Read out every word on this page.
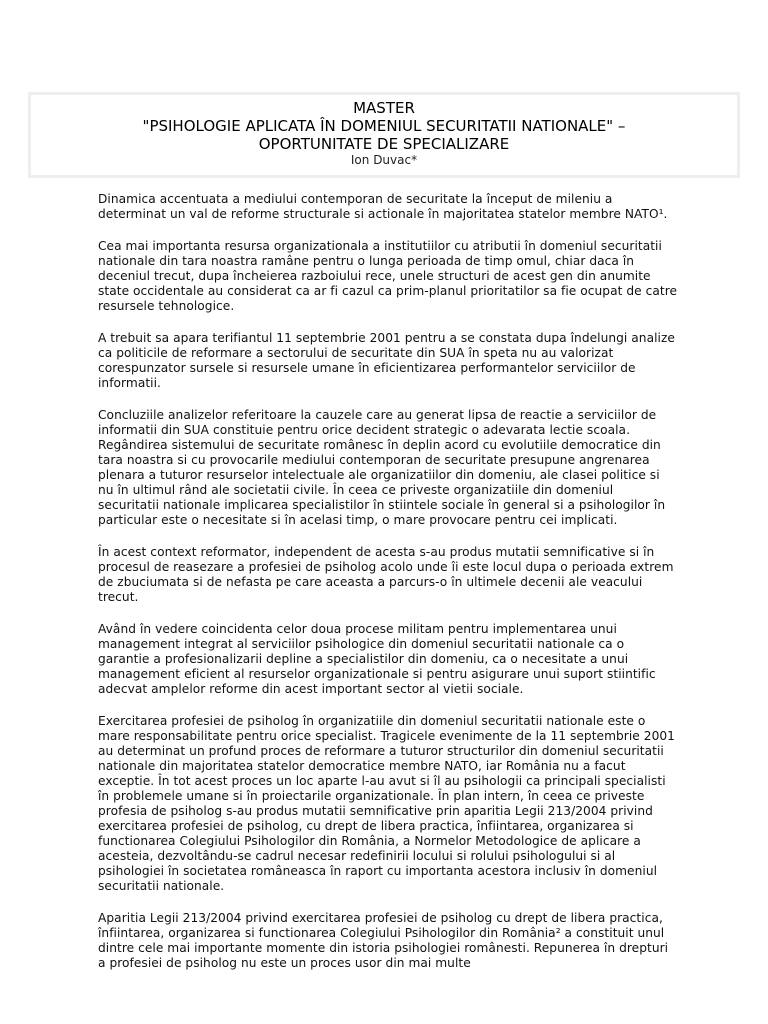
MASTER
"PSIHOLOGIE APLICATA ÎN DOMENIUL SECURITATII NATIONALE" –
OPORTUNITATE DE SPECIALIZARE
Ion Duvac*

Dinamica accentuata a mediului contemporan de securitate la început de mileniu a determinat un val de reforme structurale si actionale în majoritatea statelor membre NATO¹.

Cea mai importanta resursa organizationala a institutiilor cu atributii în domeniul securitatii nationale din tara noastra ramâne pentru o lunga perioada de timp omul, chiar daca în deceniul trecut, dupa încheierea razboiului rece, unele structuri de acest gen din anumite state occidentale au considerat ca ar fi cazul ca prim-planul prioritatilor sa fie ocupat de catre resursele tehnologice.

A trebuit sa apara terifiantul 11 septembrie 2001 pentru a se constata dupa îndelungi analize ca politicile de reformare a sectorului de securitate din SUA în speta nu au valorizat corespunzator sursele si resursele umane în eficientizarea performantelor serviciilor de informatii.

Concluziile analizelor referitoare la cauzele care au generat lipsa de reactie a serviciilor de informatii din SUA constituie pentru orice decident strategic o adevarata lectie scoala. Regândirea sistemului de securitate românesc în deplin acord cu evolutiile democratice din tara noastra si cu provocarile mediului contemporan de securitate presupune angrenarea plenara a tuturor resurselor intelectuale ale organizatiilor din domeniu, ale clasei politice si nu în ultimul rând ale societatii civile. În ceea ce priveste organizatiile din domeniul securitatii nationale implicarea specialistilor în stiintele sociale în general si a psihologilor în particular este o necesitate si în acelasi timp, o mare provocare pentru cei implicati.

În acest context reformator, independent de acesta s-au produs mutatii semnificative si în procesul de reasezare a profesiei de psiholog acolo unde îi este locul dupa o perioada extrem de zbuciumata si de nefasta pe care aceasta a parcurs-o în ultimele decenii ale veacului trecut.

Având în vedere coincidenta celor doua procese militam pentru implementarea unui management integrat al serviciilor psihologice din domeniul securitatii nationale ca o garantie a profesionalizarii depline a specialistilor din domeniu, ca o necesitate a unui management eficient al resurselor organizationale si pentru asigurare unui suport stiintific adecvat amplelor reforme din acest important sector al vietii sociale.

Exercitarea profesiei de psiholog în organizatiile din domeniul securitatii nationale este o mare responsabilitate pentru orice specialist. Tragicele evenimente de la 11 septembrie 2001 au determinat un profund proces de reformare a tuturor structurilor din domeniul securitatii nationale din majoritatea statelor democratice membre NATO, iar România nu a facut exceptie. În tot acest proces un loc aparte l-au avut si îl au psihologii ca principali specialisti în problemele umane si în proiectarile organizationale. În plan intern, în ceea ce priveste profesia de psiholog s-au produs mutatii semnificative prin aparitia Legii 213/2004 privind exercitarea profesiei de psiholog, cu drept de libera practica, înfiintarea, organizarea si functionarea Colegiului Psihologilor din România, a Normelor Metodologice de aplicare a acesteia, dezvoltându-se cadrul necesar redefinirii locului si rolului psihologului si al psihologiei în societatea româneasca în raport cu importanta acestora inclusiv în domeniul securitatii nationale.

Aparitia Legii 213/2004 privind exercitarea profesiei de psiholog cu drept de libera practica, înfiintarea, organizarea si functionarea Colegiului Psihologilor din România² a constituit unul dintre cele mai importante momente din istoria psihologiei românesti. Repunerea în drepturi a profesiei de psiholog nu este un proces usor din mai multe
